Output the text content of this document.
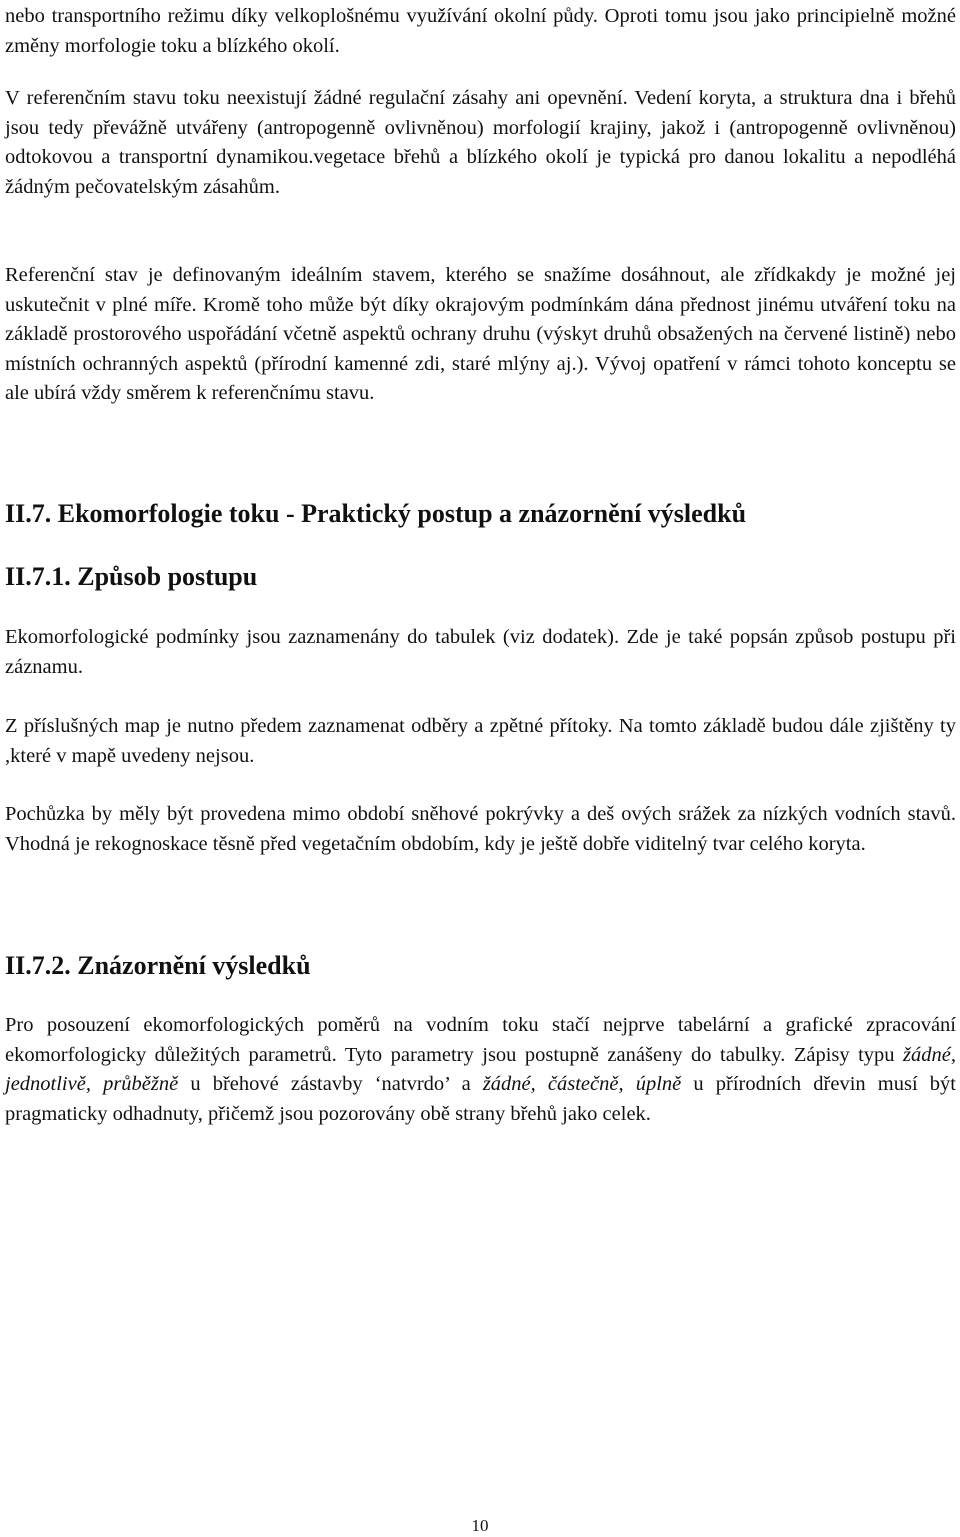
nebo transportního režimu díky velkoplošnému využívání okolní půdy. Oproti tomu jsou jako principielně možné změny morfologie toku a blízkého okolí.

V referenčním stavu toku neexistují žádné regulační zásahy ani opevnění. Vedení koryta, a struktura dna i břehů jsou tedy převážně utvářeny (antropogenně ovlivněnou) morfologií krajiny, jakož i (antropogenně ovlivněnou) odtokovou a transportní dynamikou.vegetace břehů a blízkého okolí je typická pro danou lokalitu a nepodléhá žádným pečovatelským zásahům.

Referenční stav je definovaným ideálním stavem, kterého se snažíme dosáhnout, ale zřídkakdy je možné jej uskutečnit v plné míře. Kromě toho může být díky okrajovým podmínkám dána přednost jinému utváření toku na základě prostorového uspořádání včetně aspektů ochrany druhu (výskyt druhů obsažených na červené listině) nebo místních ochranných aspektů (přírodní kamenné zdi, staré mlýny aj.). Vývoj opatření v rámci tohoto konceptu se ale ubírá vždy směrem k referenčnímu stavu.

II.7. Ekomorfologie toku - Praktický postup a znázornění výsledků
II.7.1. Způsob postupu

Ekomorfologické podmínky jsou zaznamenány do tabulek (viz dodatek). Zde je také popsán způsob postupu při záznamu.

Z příslušných map je nutno předem zaznamenat odběry a zpětné přítoky. Na tomto základě budou dále zjištěny ty ,které v mapě uvedeny nejsou.

Pochůzka by měly být provedena mimo období sněhové pokrývky a deš ových srážek za nízkých vodních stavů. Vhodná je rekognoskace těsně před vegetačním obdobím, kdy je ještě dobře viditelný tvar celého koryta.

II.7.2. Znázornění výsledků

Pro posouzení ekomorfologických poměrů na vodním toku stačí nejprve tabelární a grafické zpracování ekomorfologicky důležitých parametrů. Tyto parametry jsou postupně zanášeny do tabulky. Zápisy typu žádné, jednotlivě, průběžně u břehové zástavby ‘natvrdo’ a žádné, částečně, úplně u přírodních dřevin musí být pragmaticky odhadnuty, přičemž jsou pozorovány obě strany břehů jako celek.

10
